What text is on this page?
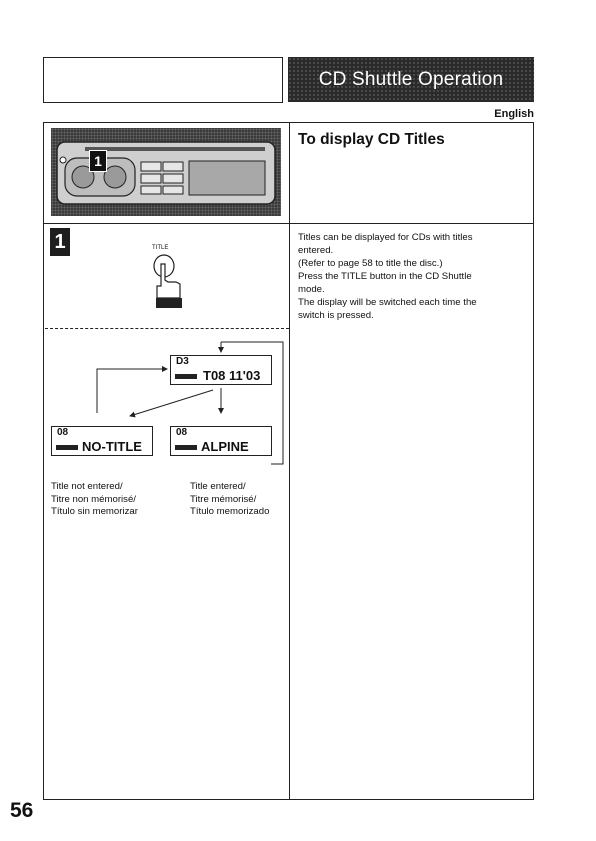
CD Shuttle Operation
English
1
To display CD Titles
1	TITLE
Titles can be displayed for CDs with titles
entered.
(Refer to page 58 to title the disc.)
Press the TITLE button in the CD Shuttle
mode.
The display will be switched each time the
switch is pressed.
D3
T08 11'03
08
NO-TITLE
08
ALPINE
Title not entered/
Titre non mémorisé/
Título sin memorizar
Title entered/
Titre mémorisé/
Título memorizado
56
